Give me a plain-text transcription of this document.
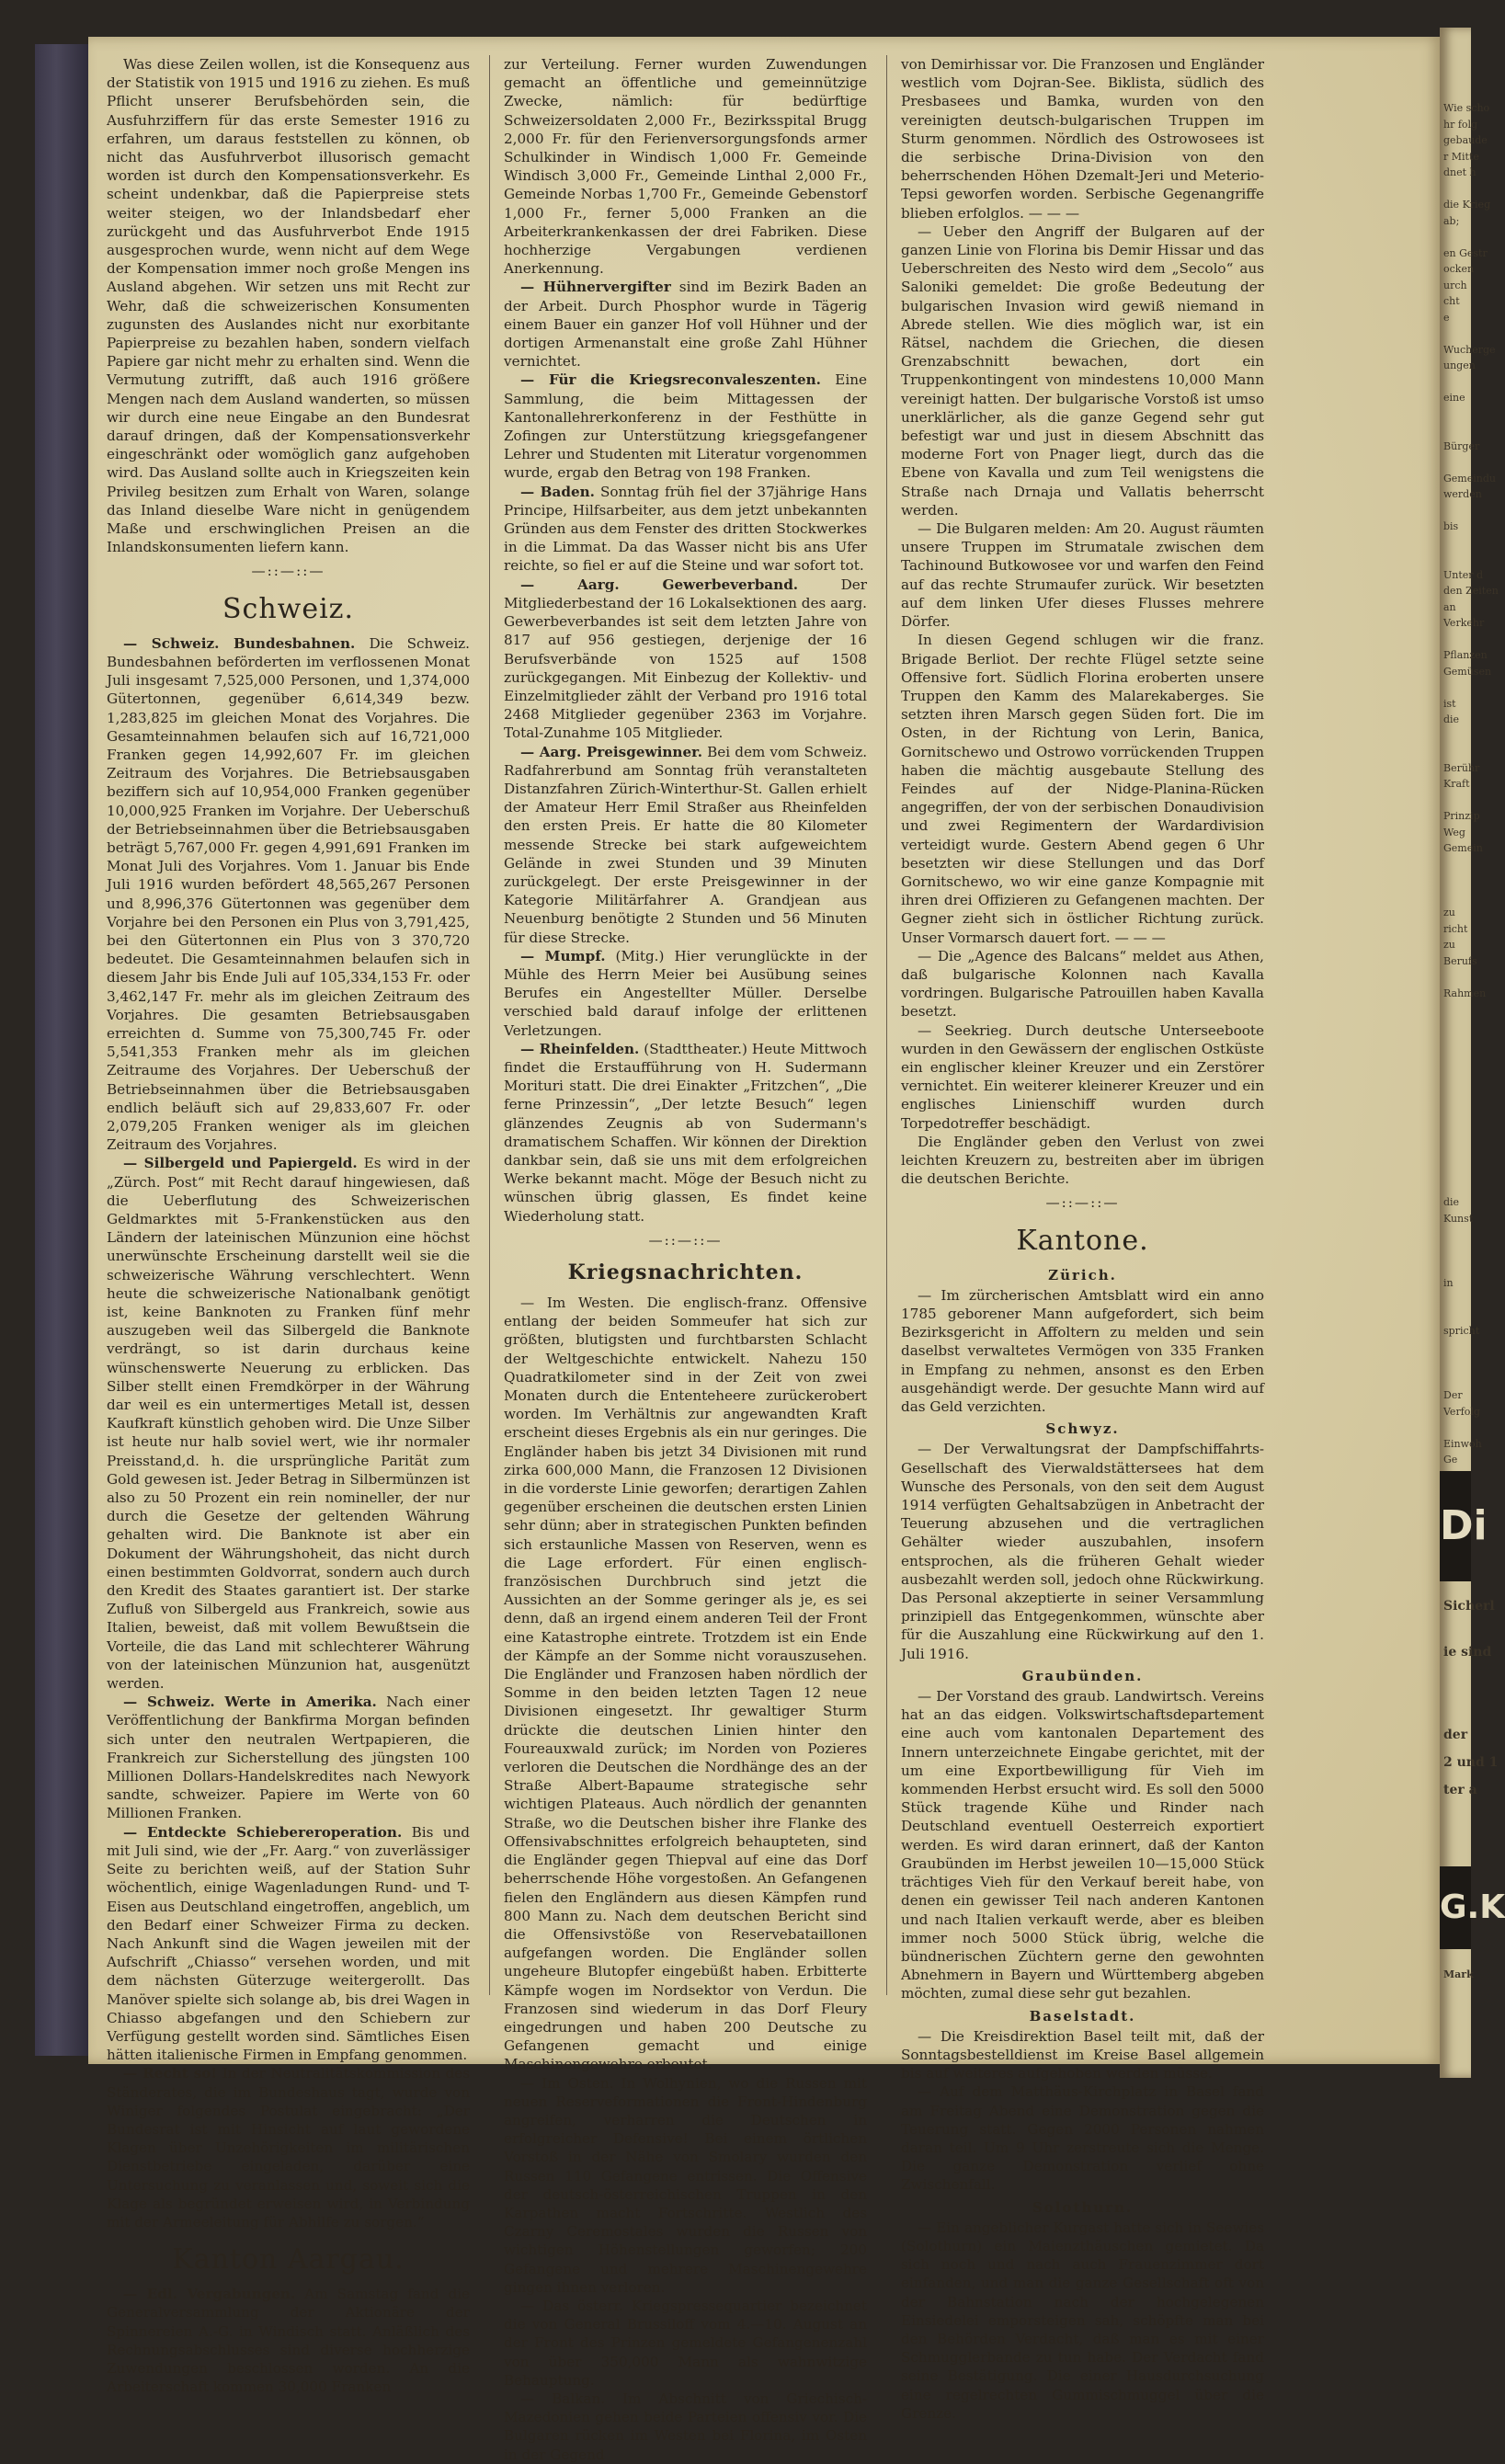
Was diese Zeilen wollen, ist die Konsequenz aus der Statistik von 1915 und 1916 zu ziehen. Es muß Pflicht unserer Berufsbehörden sein, die Ausfuhrziffern für das erste Semester 1916 zu erfahren, um daraus feststellen zu können, ob nicht das Ausfuhrverbot illusorisch gemacht worden ist durch den Kompensationsverkehr. Es scheint undenkbar, daß die Papierpreise stets weiter steigen, wo der Inlandsbedarf eher zurückgeht und das Ausfuhrverbot Ende 1915 ausgesprochen wurde, wenn nicht auf dem Wege der Kompensation immer noch große Mengen ins Ausland abgehen. Wir setzen uns mit Recht zur Wehr, daß die schweizerischen Konsumenten zugunsten des Auslandes nicht nur exorbitante Papierpreise zu bezahlen haben, sondern vielfach Papiere gar nicht mehr zu erhalten sind. Wenn die Vermutung zutrifft, daß auch 1916 größere Mengen nach dem Ausland wanderten, so müssen wir durch eine neue Eingabe an den Bundesrat darauf dringen, daß der Kompensationsverkehr eingeschränkt oder womöglich ganz aufgehoben wird. Das Ausland sollte auch in Kriegszeiten kein Privileg besitzen zum Erhalt von Waren, solange das Inland dieselbe Ware nicht in genügendem Maße und erschwinglichen Preisen an die Inlandskonsumenten liefern kann.

—::—::—

Schweiz.

— Schweiz. Bundesbahnen. Die Schweiz. Bundesbahnen beförderten im verflossenen Monat Juli insgesamt 7,525,000 Personen, und 1,374,000 Gütertonnen, gegenüber 6,614,349 bezw. 1,283,825 im gleichen Monat des Vorjahres. Die Gesamteinnahmen belaufen sich auf 16,721,000 Franken gegen 14,992,607 Fr. im gleichen Zeitraum des Vorjahres. Die Betriebsausgaben beziffern sich auf 10,954,000 Franken gegenüber 10,000,925 Franken im Vorjahre. Der Ueberschuß der Betriebseinnahmen über die Betriebsausgaben beträgt 5,767,000 Fr. gegen 4,991,691 Franken im Monat Juli des Vorjahres. Vom 1. Januar bis Ende Juli 1916 wurden befördert 48,565,267 Personen und 8,996,376 Gütertonnen was gegenüber dem Vorjahre bei den Personen ein Plus von 3,791,425, bei den Gütertonnen ein Plus von 3 370,720 bedeutet. Die Gesamteinnahmen belaufen sich in diesem Jahr bis Ende Juli auf 105,334,153 Fr. oder 3,462,147 Fr. mehr als im gleichen Zeitraum des Vorjahres. Die gesamten Betriebsausgaben erreichten d. Summe von 75,300,745 Fr. oder 5,541,353 Franken mehr als im gleichen Zeitraume des Vorjahres. Der Ueberschuß der Betriebseinnahmen über die Betriebsausgaben endlich beläuft sich auf 29,833,607 Fr. oder 2,079,205 Franken weniger als im gleichen Zeitraum des Vorjahres.

— Silbergeld und Papiergeld. Es wird in der „Zürch. Post“ mit Recht darauf hingewiesen, daß die Ueberflutung des Schweizerischen Geldmarktes mit 5-Frankenstücken aus den Ländern der lateinischen Münzunion eine höchst unerwünschte Erscheinung darstellt weil sie die schweizerische Währung verschlechtert. Wenn heute die schweizerische Nationalbank genötigt ist, keine Banknoten zu Franken fünf mehr auszugeben weil das Silbergeld die Banknote verdrängt, so ist darin durchaus keine wünschenswerte Neuerung zu erblicken. Das Silber stellt einen Fremdkörper in der Währung dar weil es ein untermertiges Metall ist, dessen Kaufkraft künstlich gehoben wird. Die Unze Silber ist heute nur halb soviel wert, wie ihr normaler Preisstand,d. h. die ursprüngliche Parität zum Gold gewesen ist. Jeder Betrag in Silbermünzen ist also zu 50 Prozent ein rein nomineller, der nur durch die Gesetze der geltenden Währung gehalten wird. Die Banknote ist aber ein Dokument der Währungshoheit, das nicht durch einen bestimmten Goldvorrat, sondern auch durch den Kredit des Staates garantiert ist. Der starke Zufluß von Silbergeld aus Frankreich, sowie aus Italien, beweist, daß mit vollem Bewußtsein die Vorteile, die das Land mit schlechterer Währung von der lateinischen Münzunion hat, ausgenützt werden.

— Schweiz. Werte in Amerika. Nach einer Veröffentlichung der Bankfirma Morgan befinden sich unter den neutralen Wertpapieren, die Frankreich zur Sicherstellung des jüngsten 100 Millionen Dollars-Handelskredites nach Newyork sandte, schweizer. Papiere im Werte von 60 Millionen Franken.

— Entdeckte Schiebereroperation. Bis und mit Juli sind, wie der „Fr. Aarg.“ von zuverlässiger Seite zu berichten weiß, auf der Station Suhr wöchentlich, einige Wagenladungen Rund- und T-Eisen aus Deutschland eingetroffen, angeblich, um den Bedarf einer Schweizer Firma zu decken. Nach Ankunft sind die Wagen jeweilen mit der Aufschrift „Chiasso“ versehen worden, und mit dem nächsten Güterzuge weitergerollt. Das Manöver spielte sich solange ab, bis drei Wagen in Chiasso abgefangen und den Schiebern zur Verfügung gestellt worden sind. Sämtliches Eisen hätten italienische Firmen in Empfang genommen.

— Recht so! In der Neutralitätskommission des Ständerates, die im Bundeshaus tagt, wurde von Winiger folgendes Postulat eingebracht: „Der Bundesrat ist mit Hinsicht auf laut gewordene Klagen über Unzehörigkeiten im militärischen Dienstbetriebe eingeladen, darüber eine Untersuchung zu veranlassen und, soweit sich die Klage als begründet erweisen wird, in Verbindung mit der Armeeleitung für Abhilfe zu sorgen.“

Kanton Aargau.

— Edl. Vergabungen. Am Samstag fand die Generalversammlung der Aktionäre der Spinnereien A.-G. in Windisch statt. Anläßlich des Rechnungsabschlusses sind diverse hochherzige Zuwendungen beschlossen worden. An die Arbeiterschaft kommen 30,000 Franken

zur Verteilung. Ferner wurden Zuwendungen gemacht an öffentliche und gemeinnützige Zwecke, nämlich: für bedürftige Schweizersoldaten 2,000 Fr., Bezirksspital Brugg 2,000 Fr. für den Ferienversorgungsfonds armer Schulkinder in Windisch 1,000 Fr. Gemeinde Windisch 3,000 Fr., Gemeinde Linthal 2,000 Fr., Gemeinde Norbas 1,700 Fr., Gemeinde Gebenstorf 1,000 Fr., ferner 5,000 Franken an die Arbeiterkrankenkassen der drei Fabriken. Diese hochherzige Vergabungen verdienen Anerkennung.

— Hühnervergifter sind im Bezirk Baden an der Arbeit. Durch Phosphor wurde in Tägerig einem Bauer ein ganzer Hof voll Hühner und der dortigen Armenanstalt eine große Zahl Hühner vernichtet.

— Für die Kriegsreconvaleszenten. Eine Sammlung, die beim Mittagessen der Kantonallehrerkonferenz in der Festhütte in Zofingen zur Unterstützung kriegsgefangener Lehrer und Studenten mit Literatur vorgenommen wurde, ergab den Betrag von 198 Franken.

— Baden. Sonntag früh fiel der 37jährige Hans Principe, Hilfsarbeiter, aus dem jetzt unbekannten Gründen aus dem Fenster des dritten Stockwerkes in die Limmat. Da das Wasser nicht bis ans Ufer reichte, so fiel er auf die Steine und war sofort tot.

— Aarg. Gewerbeverband.	Der Mitgliederbestand der 16 Lokalsektionen des aarg. Gewerbeverbandes ist seit dem letzten Jahre von 817 auf 956 gestiegen, derjenige der 16 Berufsverbände von 1525 auf 1508 zurückgegangen. Mit Einbezug der Kollektiv- und Einzelmitglieder zählt der Verband pro 1916 total 2468 Mitglieder gegenüber 2363 im Vorjahre. Total-Zunahme 105 Mitglieder.

— Aarg. Preisgewinner. Bei dem vom Schweiz. Radfahrerbund am Sonntag früh veranstalteten Distanzfahren Zürich-Winterthur-St. Gallen erhielt der Amateur Herr Emil Straßer aus Rheinfelden den ersten Preis. Er hatte die 80 Kilometer messende Strecke bei stark aufgeweichtem Gelände in zwei Stunden und 39 Minuten zurückgelegt. Der erste Preisgewinner in der Kategorie Militärfahrer A. Grandjean aus Neuenburg benötigte 2 Stunden und 56 Minuten für diese Strecke.

— Mumpf. (Mitg.) Hier verunglückte in der Mühle des Herrn Meier bei Ausübung seines Berufes ein Angestellter Müller. Derselbe verschied bald darauf infolge der erlittenen Verletzungen.

— Rheinfelden. (Stadttheater.) Heute Mittwoch findet die Erstaufführung von H. Sudermann Morituri statt. Die drei Einakter „Fritzchen“, „Die ferne Prinzessin“, „Der letzte Besuch“ legen glänzendes Zeugnis ab von Sudermann's dramatischem Schaffen. Wir können der Direktion dankbar sein, daß sie uns mit dem erfolgreichen Werke bekannt macht. Möge der Besuch nicht zu wünschen übrig glassen, Es findet keine Wiederholung statt.

—::—::—

Kriegsnachrichten.

— Im Westen. Die englisch-franz. Offensive entlang der beiden Sommeufer hat sich zur größten, blutigsten und furchtbarsten Schlacht der Weltgeschichte entwickelt. Nahezu 150 Quadratkilometer sind in der Zeit von zwei Monaten durch die Ententeheere zurückerobert worden. Im Verhältnis zur angewandten Kraft erscheint dieses Ergebnis als ein nur geringes. Die Engländer haben bis jetzt 34 Divisionen mit rund zirka 600,000 Mann, die Franzosen 12 Divisionen in die vorderste Linie geworfen; derartigen Zahlen gegenüber erscheinen die deutschen ersten Linien sehr dünn; aber in strategischen Punkten befinden sich erstaunliche Massen von Reserven, wenn es die Lage erfordert. Für einen englisch-französischen Durchbruch sind jetzt die Aussichten an der Somme geringer als je, es sei denn, daß an irgend einem anderen Teil der Front eine Katastrophe eintrete. Trotzdem ist ein Ende der Kämpfe an der Somme nicht vorauszusehen. Die Engländer und Franzosen haben nördlich der Somme in den beiden letzten Tagen 12 neue Divisionen eingesetzt. Ihr gewaltiger Sturm drückte die deutschen Linien hinter den Foureauxwald zurück; im Norden von Pozieres verloren die Deutschen die Nordhänge des an der Straße Albert-Bapaume strategische sehr wichtigen Plateaus. Auch nördlich der genannten Straße, wo die Deutschen bisher ihre Flanke des Offensivabschnittes erfolgreich behaupteten, sind die Engländer gegen Thiepval auf eine das Dorf beherrschende Höhe vorgestoßen. An Gefangenen fielen den Engländern aus diesen Kämpfen rund 800 Mann zu. Nach dem deutschen Bericht sind die Offensivstöße von Reservebataillonen aufgefangen worden. Die Engländer sollen ungeheure Blutopfer eingebüßt haben. Erbitterte Kämpfe wogen im Nordsektor von Verdun. Die Franzosen sind wiederum in das Dorf Fleury eingedrungen und haben 200 Deutsche zu Gefangenen gemacht und einige Maschinengewehre erbeutet.

— Im Osten. In Wolhynien, wo die Russen mit neuen Reserveformationen die Front-Hindenburg angreifen, verharren die Deutschen in erfolgreicher Defensive! Bei einem örtlichen Vorstoß in der Nähe von Smolary wurden den Russen 110 Gefangene entrissen. Die Offensive der deutsch-österreichischen Truppen in den Karpathen macht Fortschritte. Westlich des Czarny Ceremostales wurden die Russen von wichtigen Höhenstellungen geworfen; 200 Gefangene und mehrere Maschinengewehre gingen ihnen verloren.

— Das österr. Kriegspressequartier bezeichnet die von General Brussiloff vom 4.—10. August an der Front des Prinzen gemeldete Gefangenenzahl von über 350,000 Mann als wahnwitzige Behauptung.

— Balkan. Im Abschnitt von Griechisch-Mazedonien gehen beide Parteien offensiv vor. Die Bulgaren rücken im Westen bei Florina, im Osten in der Gegend

von Demirhissar vor. Die Franzosen und Engländer westlich vom Dojran-See. Biklista, südlich des Presbasees und Bamka, wurden von den vereinigten deutsch-bulgarischen Truppen im Sturm genommen. Nördlich des Ostrowosees ist die serbische Drina-Division von den beherrschenden Höhen Dzemalt-Jeri und Meterio-Tepsi geworfen worden. Serbische Gegenangriffe blieben erfolglos. — — —

— Ueber den Angriff der Bulgaren auf der ganzen Linie von Florina bis Demir Hissar und das Ueberschreiten des Nesto wird dem „Secolo“ aus Saloniki gemeldet: Die große Bedeutung der bulgarischen Invasion wird gewiß niemand in Abrede stellen. Wie dies möglich war, ist ein Rätsel, nachdem die Griechen, die diesen Grenzabschnitt bewachen, dort ein Truppenkontingent von mindestens 10,000 Mann vereinigt hatten. Der bulgarische Vorstoß ist umso unerklärlicher, als die ganze Gegend sehr gut befestigt war und just in diesem Abschnitt das moderne Fort von Pnager liegt, durch das die Ebene von Kavalla und zum Teil wenigstens die Straße nach Drnaja und Vallatis beherrscht werden.

— Die Bulgaren melden: Am 20. August räumten unsere Truppen im Strumatale zwischen dem Tachinound Butkowosee vor und warfen den Feind auf das rechte Strumaufer zurück. Wir besetzten auf dem linken Ufer dieses Flusses mehrere Dörfer.

In diesen Gegend schlugen wir die franz. Brigade Berliot. Der rechte Flügel setzte seine Offensive fort. Südlich Florina eroberten unsere Truppen den Kamm des Malarekaberges. Sie setzten ihren Marsch gegen Süden fort. Die im Osten, in der Richtung von Lerin, Banica, Gornitschewo und Ostrowo vorrückenden Truppen haben die mächtig ausgebaute Stellung des Feindes auf der Nidge-Planina-Rücken angegriffen, der von der serbischen Donaudivision und zwei Regimentern der Wardardivision verteidigt wurde. Gestern Abend gegen 6 Uhr besetzten wir diese Stellungen und das Dorf Gornitschewo, wo wir eine ganze Kompagnie mit ihren drei Offizieren zu Gefangenen machten. Der Gegner zieht sich in östlicher Richtung zurück. Unser Vormarsch dauert fort. — — —

— Die „Agence des Balcans“ meldet aus Athen, daß bulgarische Kolonnen nach Kavalla vordringen. Bulgarische Patrouillen haben Kavalla besetzt.

— Seekrieg. Durch deutsche Unterseeboote wurden in den Gewässern der englischen Ostküste ein englischer kleiner Kreuzer und ein Zerstörer vernichtet. Ein weiterer kleinerer Kreuzer und ein englisches Linienschiff wurden durch Torpedotreffer beschädigt.

Die Engländer geben den Verlust von zwei leichten Kreuzern zu, bestreiten aber im übrigen die deutschen Berichte.

—::—::—

Kantone.
Zürich.

— Im zürcherischen Amtsblatt wird ein anno 1785 geborener Mann aufgefordert, sich beim Bezirksgericht in Affoltern zu melden und sein daselbst verwaltetes Vermögen von 335 Franken in Empfang zu nehmen, ansonst es den Erben ausgehändigt werde. Der gesuchte Mann wird auf das Geld verzichten.

Schwyz.

— Der Verwaltungsrat der Dampfschiffahrts-Gesellschaft des Vierwaldstättersees hat dem Wunsche des Personals, von den seit dem August 1914 verfügten Gehaltsabzügen in Anbetracht der Teuerung abzusehen und die vertraglichen Gehälter wieder auszubahlen, insofern entsprochen, als die früheren Gehalt wieder ausbezahlt werden soll, jedoch ohne Rückwirkung. Das Personal akzeptierte in seiner Versammlung prinzipiell das Entgegenkommen, wünschte aber für die Auszahlung eine Rückwirkung auf den 1. Juli 1916.

Graubünden.

— Der Vorstand des graub. Landwirtsch. Vereins hat an das eidgen. Volkswirtschaftsdepartement eine auch vom kantonalen Departement des Innern unterzeichnete Eingabe gerichtet, mit der um eine Exportbewilligung für Vieh im kommenden Herbst ersucht wird. Es soll den 5000 Stück tragende Kühe und Rinder nach Deutschland eventuell Oesterreich exportiert werden. Es wird daran erinnert, daß der Kanton Graubünden im Herbst jeweilen 10—15,000 Stück trächtiges Vieh für den Verkauf bereit habe, von denen ein gewisser Teil nach anderen Kantonen und nach Italien verkauft werde, aber es bleiben immer noch 5000 Stück übrig, welche die bündnerischen Züchtern gerne den gewohnten Abnehmern in Bayern und Württemberg abgeben möchten, zumal diese sehr gut bezahlen.

Baselstadt.

— Die Kreisdirektion Basel teilt mit, daß der Sonntagsbestelldienst im Kreise Basel allgemein bis auf weiteres aufgehoben werden müsse.

— Auf dem Matthäus-Kirchplatz in Basel fand am Freitag Abend eine Demonstration gegen die Teuerung statt. Gegen 2000 Personen nahmen daran teil. Um 9 Uhr zerstreute sich die Menge. Die ganze Demonstration verlief ohne Zwischenfall.

Solothurn.

— Ein angeblicher Kurgast hatte sich in Seewies (Solothurn) ein Maienzthäuschen gemietet. Da sich noch und nach auch Frauenzimmer dort einfanden, und man die ganze Gesellschaft oft von der Bahnstation nach der hochgelegenen Einsiedelei emporsteigen sah, schöpfte man bei den Behörden Verdacht, daß man es mit einer Schmugglerbande zu tun habe. Der Verdacht fand seine Bestätigung. Die einer Hausdurchsuchung eine regelrechten Gummischmuggel über die Grenze.

Wie scho
hr folg
gebaude
r Mitte
dnet h
die Krieg
ab;
en Gestr
ocken
urch
cht
e
Wucherge
ungen
eine
Bürger
Gemeindu
werden
bis
Unter d
den Zeiten
an
Verkehr
Pflanzen
Gemüsen
ist
die
Berühr
Kraft
Prinzip
Weg
Gemein
zu
richt
zu
Berufs
Rahmen
die
Kunst
in
spricht
Der
Verfolg
Einwoh
Ge
Di
Sicherl
ie sind
der
2 und 1
ter a
G.K
Mark
